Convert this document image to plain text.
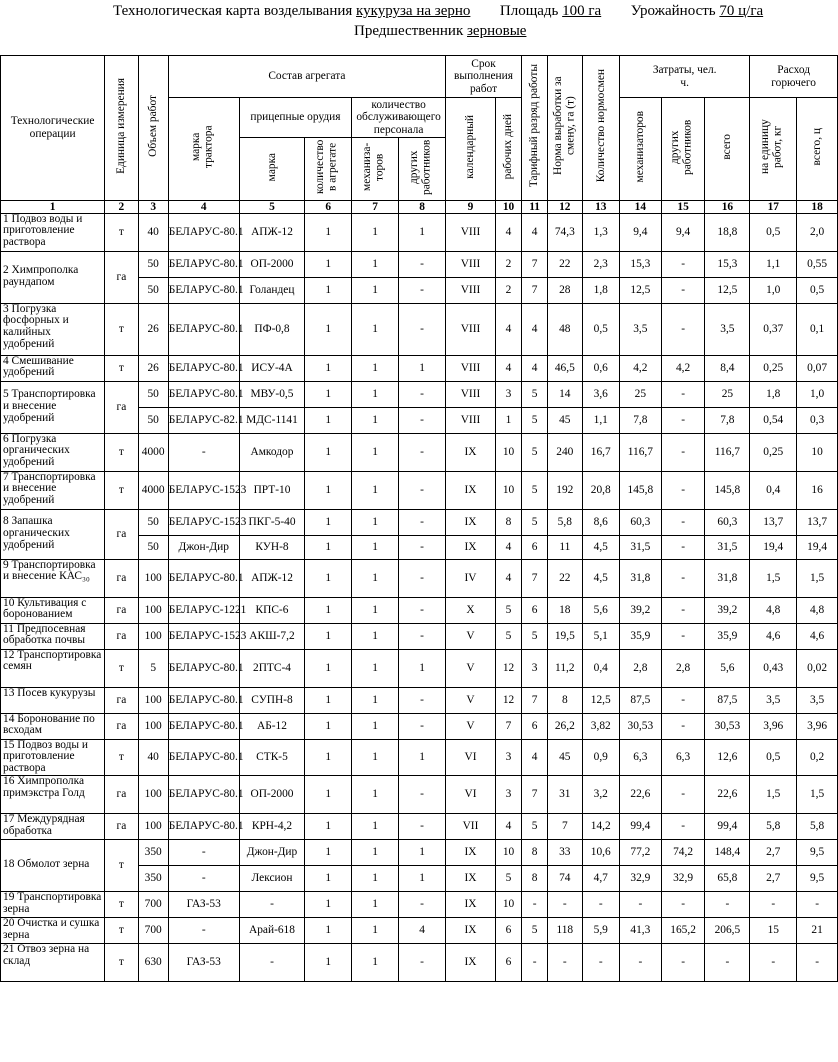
Технологическая карта возделывания кукуруза на зерно Площадь 100 га Урожайность 70 ц/га
Предшественник зерновые
Технологические операции	Единица измерения	Объем работ	Состав агрегата					Срок выполнения работ		Тарифный разряд работы	Норма выработки за смену, га (т)	Количество нормосмен	Затраты, чел. ч.			Расход горючего	
			марка трактора	прицепные орудия		количество обслуживающего персонала		календарный	рабочих дней				механизаторов	других работников	всего	на единицу работ, кг	всего, ц
				марка	количество в агрегате	механиза-торов	других работников										
1	2	3	4	5	6	7	8	9	10	11	12	13	14	15	16	17	18
1 Подвоз воды и приготовление раствора	т	40	БЕЛАРУС-80.1	АПЖ-12	1	1	1	VIII	4	4	74,3	1,3	9,4	9,4	18,8	0,5	2,0
2 Химпрополка раундапом	га	50	БЕЛАРУС-80.1	ОП-2000	1	1	-	VIII	2	7	22	2,3	15,3	-	15,3	1,1	0,55
		50	БЕЛАРУС-80.1	Голандец	1	1	-	VIII	2	7	28	1,8	12,5	-	12,5	1,0	0,5
3 Погрузка фосфорных и калийных удобрений	т	26	БЕЛАРУС-80.1	ПФ-0,8	1	1	-	VIII	4	4	48	0,5	3,5	-	3,5	0,37	0,1
4 Смешивание удобрений	т	26	БЕЛАРУС-80.1	ИСУ-4А	1	1	1	VIII	4	4	46,5	0,6	4,2	4,2	8,4	0,25	0,07
5 Транспортировка и внесение удобрений	га	50	БЕЛАРУС-80.1	МВУ-0,5	1	1	-	VIII	3	5	14	3,6	25	-	25	1,8	1,0
		50	БЕЛАРУС-82.1	МДС-1141	1	1	-	VIII	1	5	45	1,1	7,8	-	7,8	0,54	0,3
6 Погрузка органических удобрений	т	4000	-	Амкодор	1	1	-	IX	10	5	240	16,7	116,7	-	116,7	0,25	10
7 Транспортировка и внесение удобрений	т	4000	БЕЛАРУС-1523	ПРТ-10	1	1	-	IX	10	5	192	20,8	145,8	-	145,8	0,4	16
8 Запашка органических удобрений	га	50	БЕЛАРУС-1523	ПКГ-5-40	1	1	-	IX	8	5	5,8	8,6	60,3	-	60,3	13,7	13,7
		50	Джон-Дир	КУН-8	1	1	-	IX	4	6	11	4,5	31,5	-	31,5	19,4	19,4
9 Транспортировка и внесение КАС₃₀	га	100	БЕЛАРУС-80.1	АПЖ-12	1	1	-	IV	4	7	22	4,5	31,8	-	31,8	1,5	1,5
10 Культивация с боронованием	га	100	БЕЛАРУС-1221	КПС-6	1	1	-	X	5	6	18	5,6	39,2	-	39,2	4,8	4,8
11 Предпосевная обработка почвы	га	100	БЕЛАРУС-1523	АКШ-7,2	1	1	-	V	5	5	19,5	5,1	35,9	-	35,9	4,6	4,6
12 Транспортировка семян	т	5	БЕЛАРУС-80.1	2ПТС-4	1	1	1	V	12	3	11,2	0,4	2,8	2,8	5,6	0,43	0,02
13 Посев кукурузы	га	100	БЕЛАРУС-80.1	СУПН-8	1	1	-	V	12	7	8	12,5	87,5	-	87,5	3,5	3,5
14 Боронование по всходам	га	100	БЕЛАРУС-80.1	АБ-12	1	1	-	V	7	6	26,2	3,82	30,53	-	30,53	3,96	3,96
15 Подвоз воды и приготовление раствора	т	40	БЕЛАРУС-80.1	СТК-5	1	1	1	VI	3	4	45	0,9	6,3	6,3	12,6	0,5	0,2
16 Химпрополка примэкстра Голд	га	100	БЕЛАРУС-80.1	ОП-2000	1	1	-	VI	3	7	31	3,2	22,6	-	22,6	1,5	1,5
17 Междурядная обработка	га	100	БЕЛАРУС-80.1	КРН-4,2	1	1	-	VII	4	5	7	14,2	99,4	-	99,4	5,8	5,8
18 Обмолот зерна	т	350	-	Джон-Дир	1	1	1	IX	10	8	33	10,6	77,2	74,2	148,4	2,7	9,5
		350	-	Лексион	1	1	1	IX	5	8	74	4,7	32,9	32,9	65,8	2,7	9,5
19 Транспортировка зерна	т	700	ГАЗ-53	-	1	1	-	IX	10	-	-	-	-	-	-	-	-
20 Очистка и сушка зерна	т	700	-	Арай-618	1	1	4	IX	6	5	118	5,9	41,3	165,2	206,5	15	21
21 Отвоз зерна на склад	т	630	ГАЗ-53	-	1	1	-	IX	6	-	-	-	-	-	-	-	-
